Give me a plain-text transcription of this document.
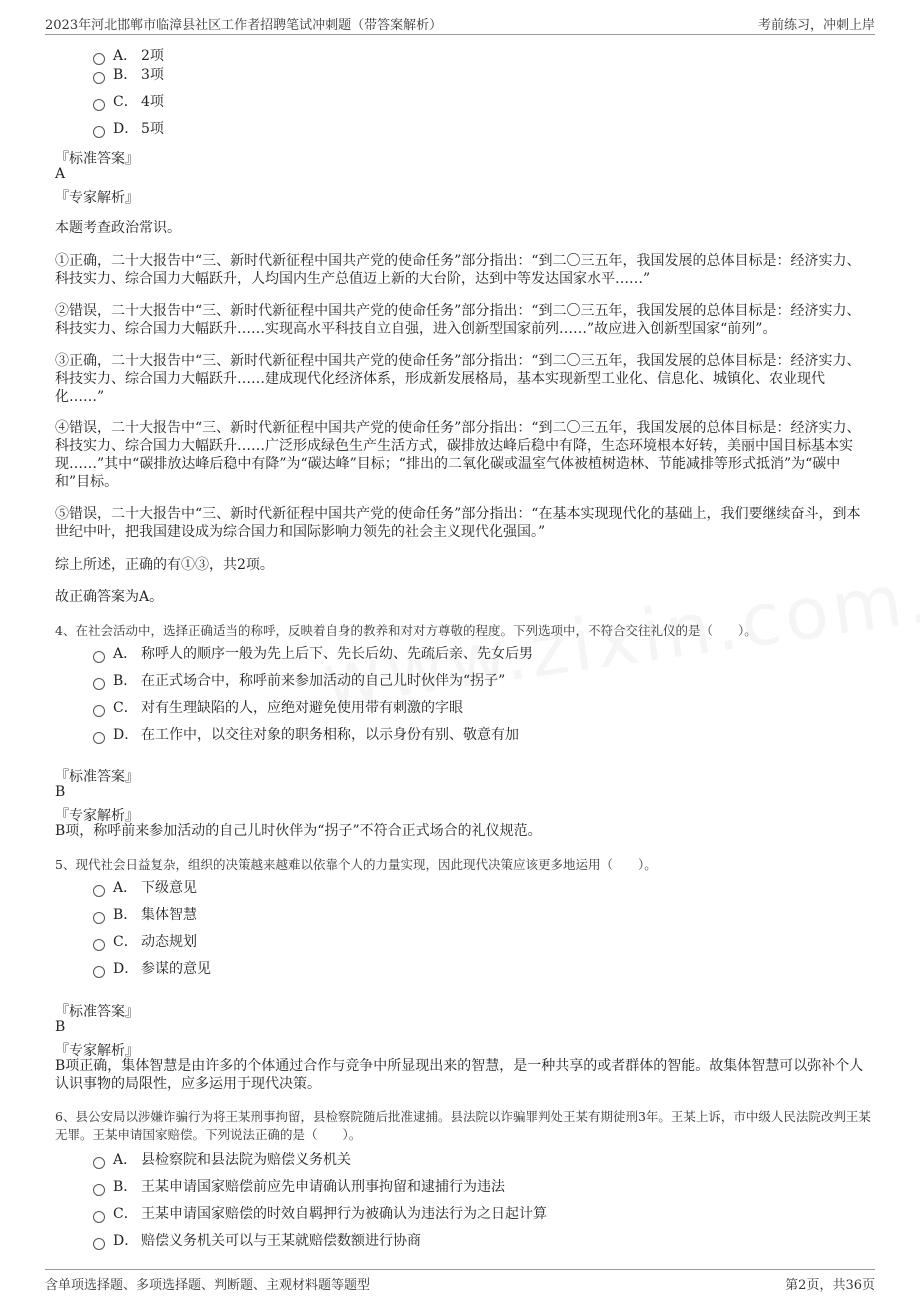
2023年河北邯郸市临漳县社区工作者招聘笔试冲刺题（带答案解析）	考前练习，冲刺上岸
A． 2项
B． 3项
C． 4项
D． 5项
『标准答案』
A
『专家解析』
本题考查政治常识。
①正确，二十大报告中“三、新时代新征程中国共产党的使命任务”部分指出：“到二〇三五年，我国发展的总体目标是：经济实力、科技实力、综合国力大幅跃升，人均国内生产总值迈上新的大台阶，达到中等发达国家水平……”
②错误，二十大报告中“三、新时代新征程中国共产党的使命任务”部分指出：“到二〇三五年，我国发展的总体目标是：经济实力、科技实力、综合国力大幅跃升……实现高水平科技自立自强，进入创新型国家前列……”故应进入创新型国家“前列”。
③正确，二十大报告中“三、新时代新征程中国共产党的使命任务”部分指出：“到二〇三五年，我国发展的总体目标是：经济实力、科技实力、综合国力大幅跃升……建成现代化经济体系，形成新发展格局，基本实现新型工业化、信息化、城镇化、农业现代化……”
④错误，二十大报告中“三、新时代新征程中国共产党的使命任务”部分指出：“到二〇三五年，我国发展的总体目标是：经济实力、科技实力、综合国力大幅跃升……广泛形成绿色生产生活方式，碳排放达峰后稳中有降，生态环境根本好转，美丽中国目标基本实现……”其中“碳排放达峰后稳中有降”为“碳达峰”目标；“排出的二氧化碳或温室气体被植树造林、节能减排等形式抵消”为“碳中和”目标。
⑤错误，二十大报告中“三、新时代新征程中国共产党的使命任务”部分指出：“在基本实现现代化的基础上，我们要继续奋斗，到本世纪中叶，把我国建设成为综合国力和国际影响力领先的社会主义现代化强国。”
综上所述，正确的有①③，共2项。
故正确答案为A。
4、在社会活动中，选择正确适当的称呼，反映着自身的教养和对对方尊敬的程度。下列选项中，不符合交往礼仪的是（　　）。
A． 称呼人的顺序一般为先上后下、先长后幼、先疏后亲、先女后男
B． 在正式场合中，称呼前来参加活动的自己儿时伙伴为“拐子”
C． 对有生理缺陷的人，应绝对避免使用带有刺激的字眼
D． 在工作中，以交往对象的职务相称，以示身份有别、敬意有加
『标准答案』
B
『专家解析』
B项，称呼前来参加活动的自己儿时伙伴为“拐子”不符合正式场合的礼仪规范。
5、现代社会日益复杂，组织的决策越来越难以依靠个人的力量实现，因此现代决策应该更多地运用（　　）。
A． 下级意见
B． 集体智慧
C． 动态规划
D． 参谋的意见
『标准答案』
B
『专家解析』
B项正确，集体智慧是由许多的个体通过合作与竞争中所显现出来的智慧，是一种共享的或者群体的智能。故集体智慧可以弥补个人认识事物的局限性，应多运用于现代决策。
6、县公安局以涉嫌诈骗行为将王某刑事拘留，县检察院随后批准逮捕。县法院以诈骗罪判处王某有期徒刑3年。王某上诉，市中级人民法院改判王某无罪。王某申请国家赔偿。下列说法正确的是（　　）。
A． 县检察院和县法院为赔偿义务机关
B． 王某申请国家赔偿前应先申请确认刑事拘留和逮捕行为违法
C． 王某申请国家赔偿的时效自羁押行为被确认为违法行为之日起计算
D． 赔偿义务机关可以与王某就赔偿数额进行协商
含单项选择题、多项选择题、判断题、主观材料题等题型	第2页，共36页
